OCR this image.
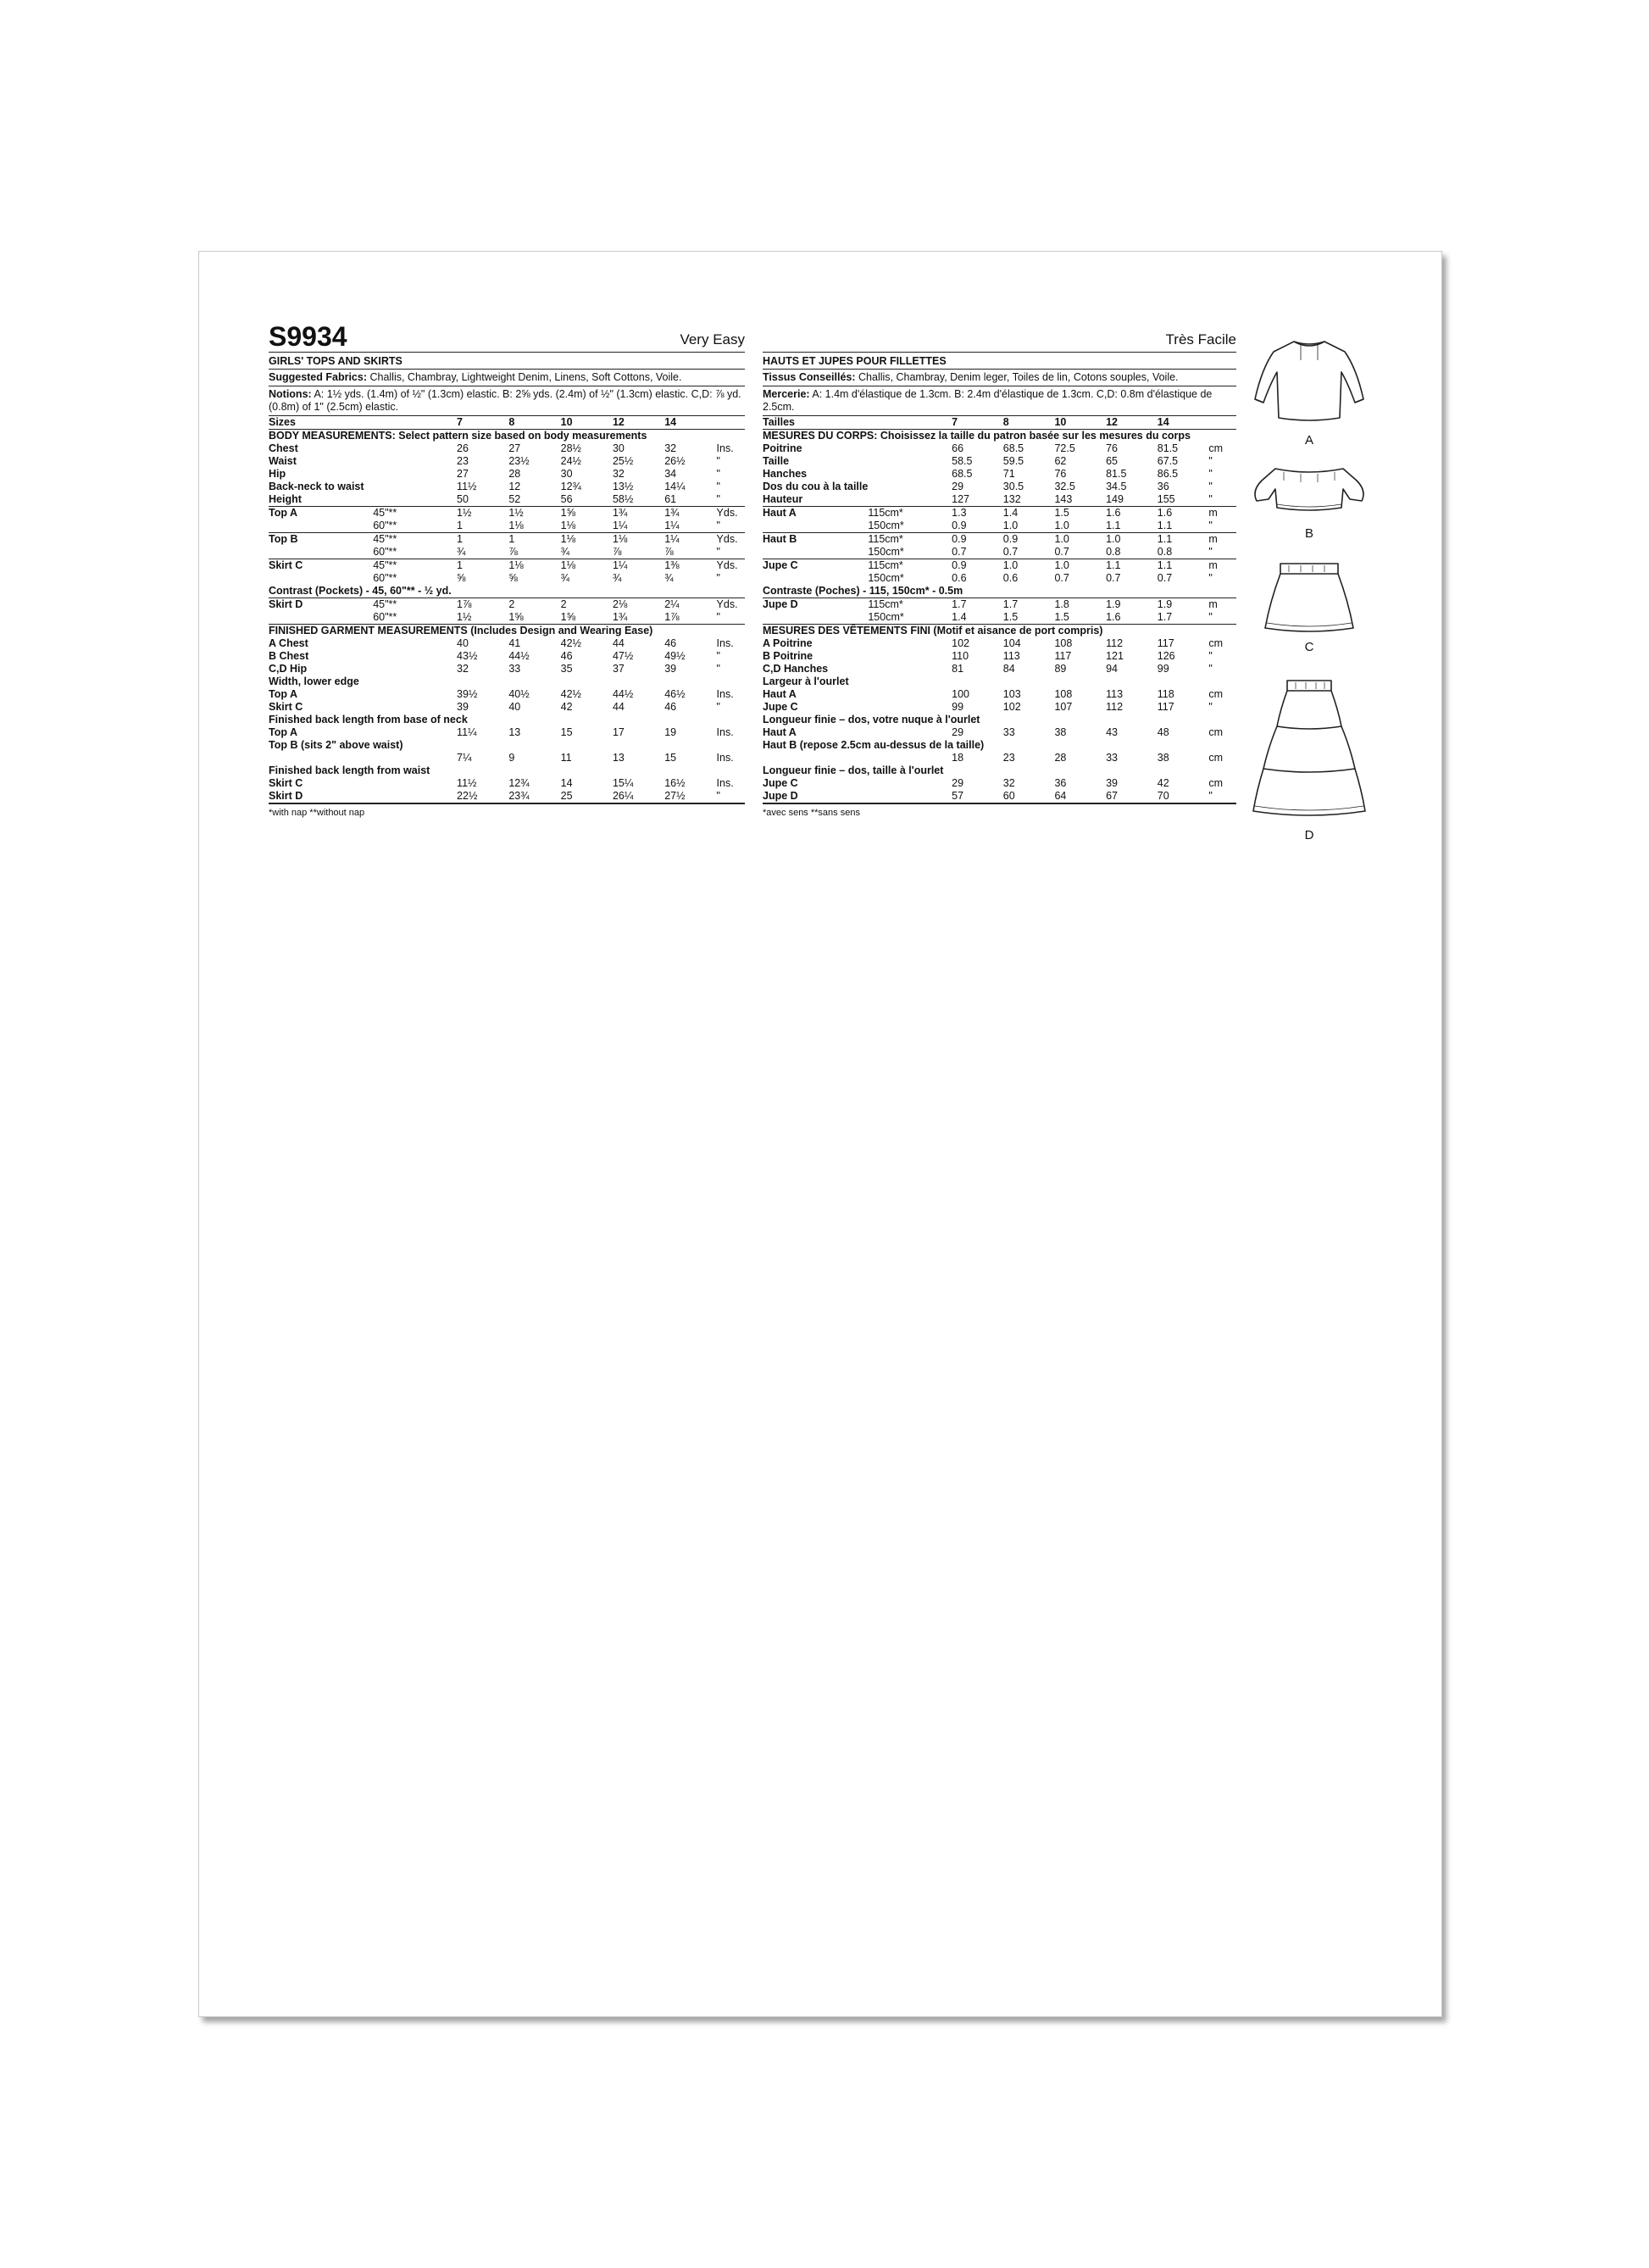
S9934	Very Easy
GIRLS' TOPS AND SKIRTS
Suggested Fabrics: Challis, Chambray, Lightweight Denim, Linens, Soft Cottons, Voile.
Notions: A: 1½ yds. (1.4m) of ½" (1.3cm) elastic. B: 2⅝ yds. (2.4m) of ½" (1.3cm) elastic. C,D: ⅞ yd. (0.8m) of 1" (2.5cm) elastic.
Sizes		7	8	10	12	14	
BODY MEASUREMENTS: Select pattern size based on body measurements							
Chest		26	27	28½	30	32	Ins.
Waist		23	23½	24½	25½	26½	"
Hip		27	28	30	32	34	"
Back-neck to waist		11½	12	12¾	13½	14¼	"
Height		50	52	56	58½	61	"
Top A	45"**	1½	1½	1⅝	1¾	1¾	Yds.
	60"**	1	1⅛	1⅛	1¼	1¼	"
Top B	45"**	1	1	1⅛	1⅛	1¼	Yds.
	60"**	¾	⅞	¾	⅞	⅞	"
Skirt C	45"**	1	1⅛	1⅛	1¼	1⅜	Yds.
	60"**	⅝	⅝	¾	¾	¾	"
Contrast (Pockets) - 45, 60"** - ½ yd.							
Skirt D	45"**	1⅞	2	2	2⅛	2¼	Yds.
	60"**	1½	1⅝	1⅝	1¾	1⅞	"
FINISHED GARMENT MEASUREMENTS (Includes Design and Wearing Ease)							
A Chest		40	41	42½	44	46	Ins.
B Chest		43½	44½	46	47½	49½	"
C,D Hip		32	33	35	37	39	"
Width, lower edge							
Top A		39½	40½	42½	44½	46½	Ins.
Skirt C		39	40	42	44	46	"
Finished back length from base of neck							
Top A		11¼	13	15	17	19	Ins.
Top B (sits 2" above waist)							
		7¼	9	11	13	15	Ins.
Finished back length from waist							
Skirt C		11½	12¾	14	15¼	16½	Ins.
Skirt D		22½	23¾	25	26¼	27½	"
*with nap **without nap
Très Facile
HAUTS ET JUPES POUR FILLETTES
Tissus Conseillés: Challis, Chambray, Denim leger, Toiles de lin, Cotons souples, Voile.
Mercerie: A: 1.4m d'élastique de 1.3cm. B: 2.4m d'élastique de 1.3cm. C,D: 0.8m d'élastique de 2.5cm.
Tailles		7	8	10	12	14	
MESURES DU CORPS: Choisissez la taille du patron basée sur les mesures du corps							
Poitrine		66	68.5	72.5	76	81.5	cm
Taille		58.5	59.5	62	65	67.5	"
Hanches		68.5	71	76	81.5	86.5	"
Dos du cou à la taille		29	30.5	32.5	34.5	36	"
Hauteur		127	132	143	149	155	"
Haut A	115cm*	1.3	1.4	1.5	1.6	1.6	m
	150cm*	0.9	1.0	1.0	1.1	1.1	"
Haut B	115cm*	0.9	0.9	1.0	1.0	1.1	m
	150cm*	0.7	0.7	0.7	0.8	0.8	"
Jupe C	115cm*	0.9	1.0	1.0	1.1	1.1	m
	150cm*	0.6	0.6	0.7	0.7	0.7	"
Contraste (Poches) - 115, 150cm* - 0.5m							
Jupe D	115cm*	1.7	1.7	1.8	1.9	1.9	m
	150cm*	1.4	1.5	1.5	1.6	1.7	"
MESURES DES VÊTEMENTS FINI (Motif et aisance de port compris)							
A Poitrine		102	104	108	112	117	cm
B Poitrine		110	113	117	121	126	"
C,D Hanches		81	84	89	94	99	"
Largeur à l'ourlet							
Haut A		100	103	108	113	118	cm
Jupe C		99	102	107	112	117	"
Longueur finie – dos, votre nuque à l'ourlet							
Haut A		29	33	38	43	48	cm
Haut B (repose 2.5cm au-dessus de la taille)							
		18	23	28	33	38	cm
Longueur finie – dos, taille à l'ourlet							
Jupe C		29	32	36	39	42	cm
Jupe D		57	60	64	67	70	"
*avec sens **sans sens
A
B
C
D
